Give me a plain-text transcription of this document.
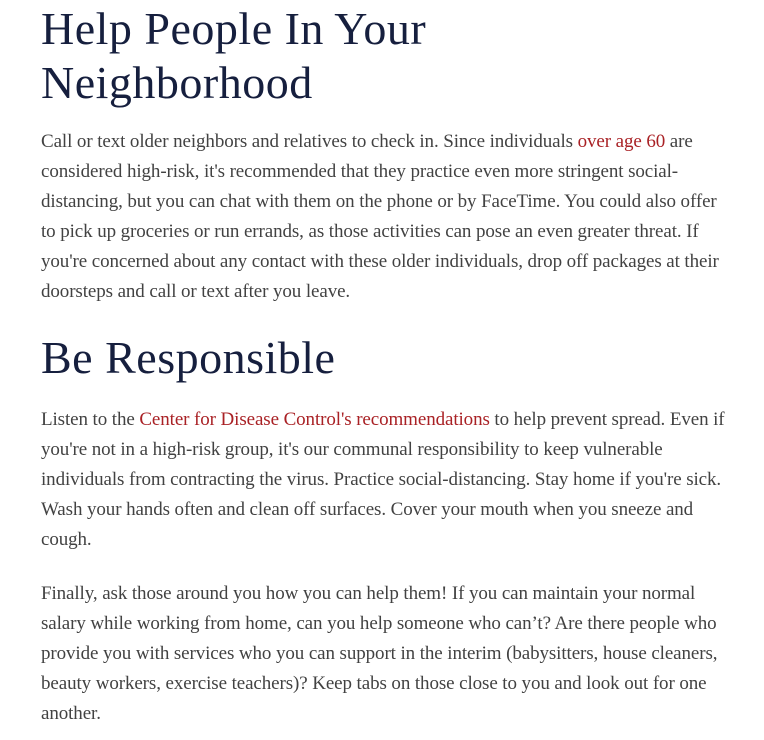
Help People In Your Neighborhood

Call or text older neighbors and relatives to check in. Since individuals over age 60 are considered high-risk, it's recommended that they practice even more stringent social-distancing, but you can chat with them on the phone or by FaceTime. You could also offer to pick up groceries or run errands, as those activities can pose an even greater threat. If you're concerned about any contact with these older individuals, drop off packages at their doorsteps and call or text after you leave.

Be Responsible

Listen to the Center for Disease Control's recommendations to help prevent spread. Even if you're not in a high-risk group, it's our communal responsibility to keep vulnerable individuals from contracting the virus. Practice social-distancing. Stay home if you're sick. Wash your hands often and clean off surfaces. Cover your mouth when you sneeze and cough.

Finally, ask those around you how you can help them! If you can maintain your normal salary while working from home, can you help someone who can’t? Are there people who provide you with services who you can support in the interim (babysitters, house cleaners, beauty workers, exercise teachers)? Keep tabs on those close to you and look out for one another.
